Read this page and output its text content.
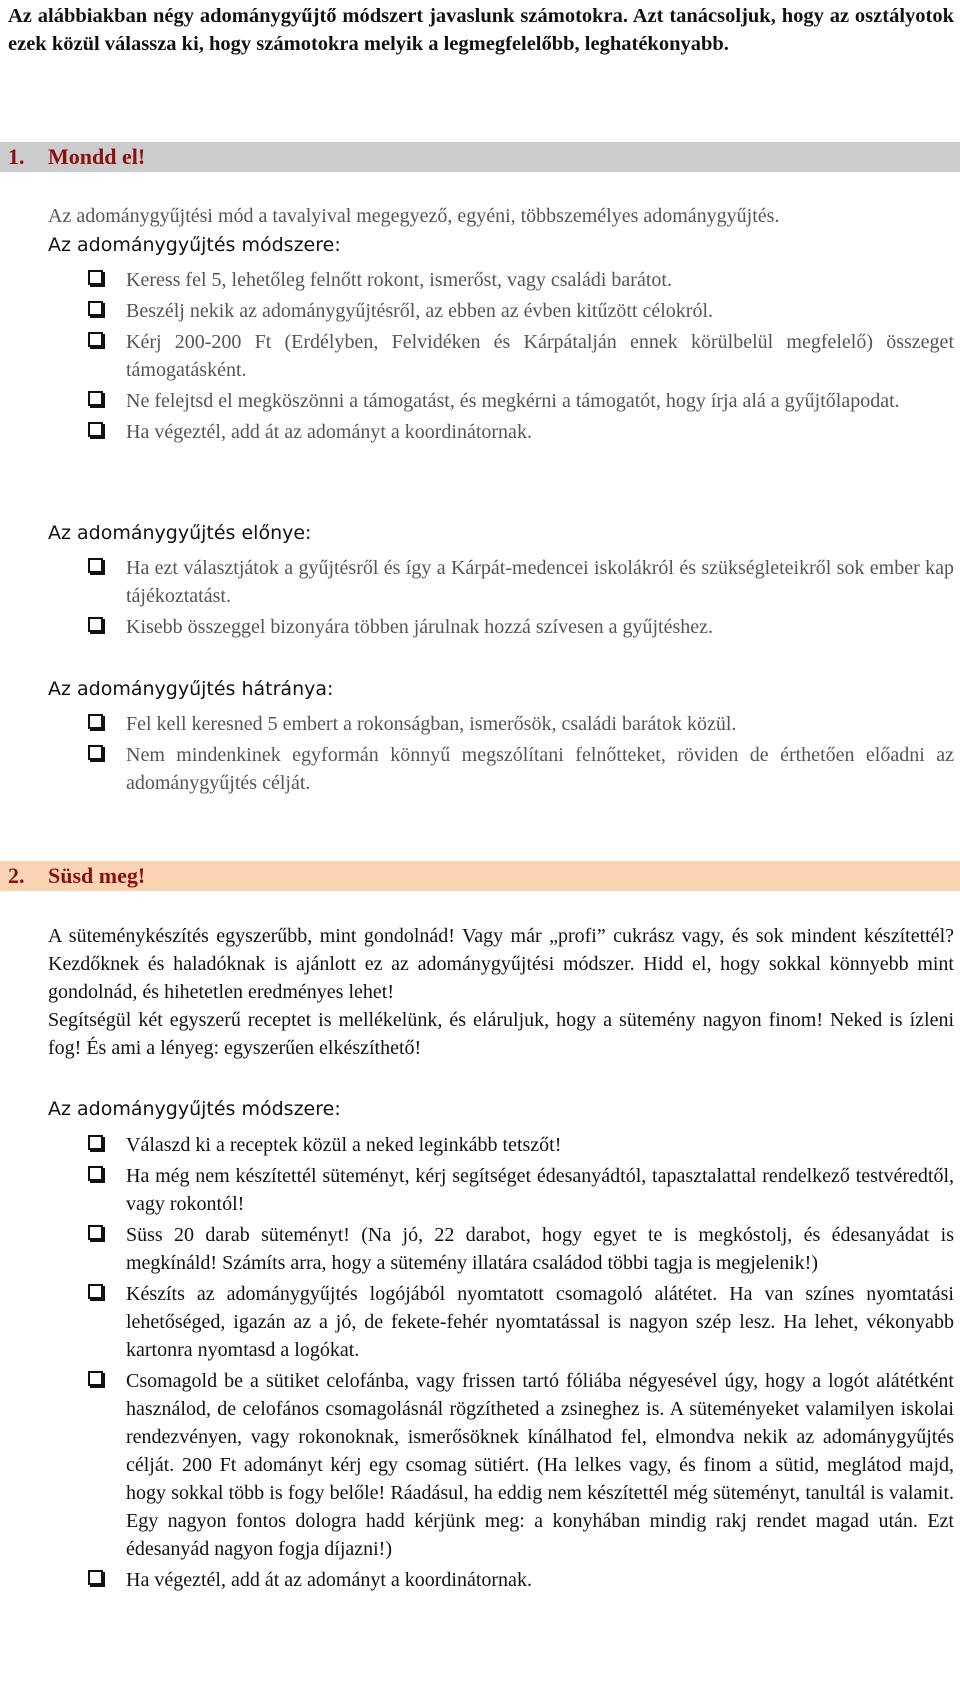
Az alábbiakban négy adománygyűjtő módszert javaslunk számotokra. Azt tanácsoljuk, hogy az osztályotok ezek közül válassza ki, hogy számotokra melyik a legmegfelelőbb, leghatékonyabb.
1. Mondd el!
Az adománygyűjtési mód a tavalyival megegyező, egyéni, többszemélyes adománygyűjtés.
Az adománygyűjtés módszere:
Keress fel 5, lehetőleg felnőtt rokont, ismerőst, vagy családi barátot.
Beszélj nekik az adománygyűjtésről, az ebben az évben kitűzött célokról.
Kérj 200-200 Ft (Erdélyben, Felvidéken és Kárpátalján ennek körülbelül megfelelő) összeget támogatásként.
Ne felejtsd el megköszönni a támogatást, és megkérni a támogatót, hogy írja alá a gyűjtőlapodat.
Ha végeztél, add át az adományt a koordinátornak.
Az adománygyűjtés előnye:
Ha ezt választjátok a gyűjtésről és így a Kárpát-medencei iskolákról és szükségleteikről sok ember kap tájékoztatást.
Kisebb összeggel bizonyára többen járulnak hozzá szívesen a gyűjtéshez.
Az adománygyűjtés hátránya:
Fel kell keresned 5 embert a rokonságban, ismerősök, családi barátok közül.
Nem mindenkinek egyformán könnyű megszólítani felnőtteket, röviden de érthetően előadni az adománygyűjtés célját.
2. Süsd meg!
A süteménykészítés egyszerűbb, mint gondolnád! Vagy már „profi” cukrász vagy, és sok mindent készítettél? Kezdőknek és haladóknak is ajánlott ez az adománygyűjtési módszer. Hidd el, hogy sokkal könnyebb mint gondolnád, és hihetetlen eredményes lehet!
Segítségül két egyszerű receptet is mellékelünk, és eláruljuk, hogy a sütemény nagyon finom! Neked is ízleni fog! És ami a lényeg: egyszerűen elkészíthető!
Az adománygyűjtés módszere:
Válaszd ki a receptek közül a neked leginkább tetszőt!
Ha még nem készítettél süteményt, kérj segítséget édesanyádtól, tapasztalattal rendelkező testvéredtől, vagy rokontól!
Süss 20 darab süteményt! (Na jó, 22 darabot, hogy egyet te is megkóstolj, és édesanyádat is megkínáld! Számíts arra, hogy a sütemény illatára családod többi tagja is megjelenik!)
Készíts az adománygyűjtés logójából nyomtatott csomagoló alátétet. Ha van színes nyomtatási lehetőséged, igazán az a jó, de fekete-fehér nyomtatással is nagyon szép lesz. Ha lehet, vékonyabb kartonra nyomtasd a logókat.
Csomagold be a sütiket celofánba, vagy frissen tartó fóliába négyesével úgy, hogy a logót alátétként használod, de celofános csomagolásnál rögzítheted a zsineghez is. A süteményeket valamilyen iskolai rendezvényen, vagy rokonoknak, ismerősöknek kínálhatod fel, elmondva nekik az adománygyűjtés célját. 200 Ft adományt kérj egy csomag sütiért. (Ha lelkes vagy, és finom a sütid, meglátod majd, hogy sokkal több is fogy belőle! Ráadásul, ha eddig nem készítettél még süteményt, tanultál is valamit. Egy nagyon fontos dologra hadd kérjünk meg: a konyhában mindig rakj rendet magad után. Ezt édesanyád nagyon fogja díjazni!)
Ha végeztél, add át az adományt a koordinátornak.
